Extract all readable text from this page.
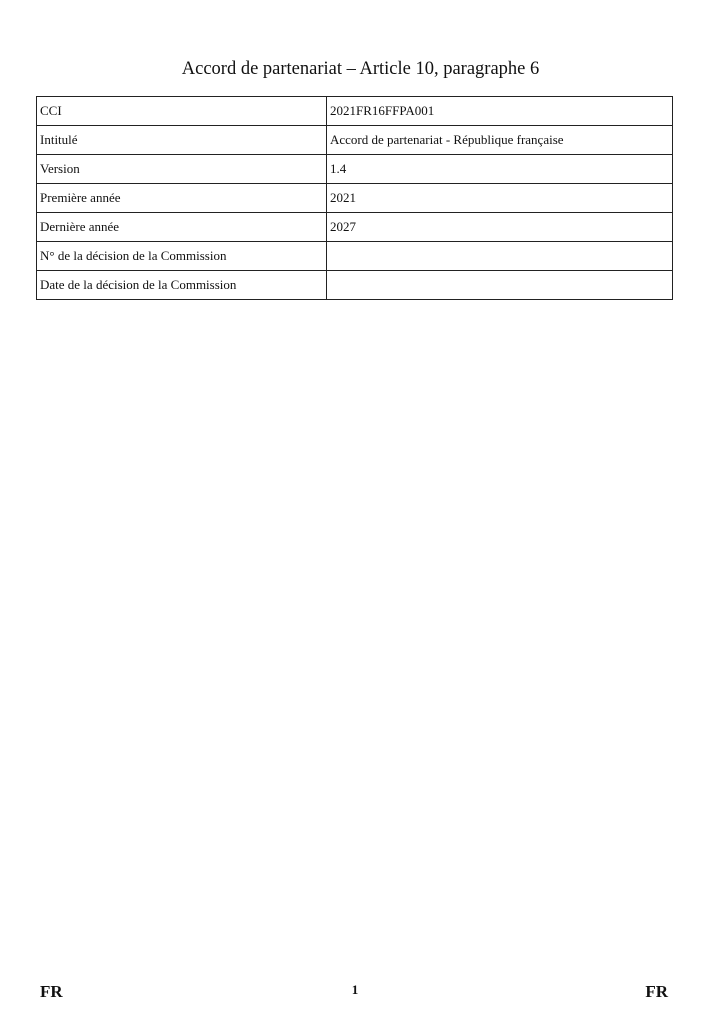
Accord de partenariat – Article 10, paragraphe 6
CCI	2021FR16FFPA001
Intitulé	Accord de partenariat - République française
Version	1.4
Première année	2021
Dernière année	2027
N° de la décision de la Commission	
Date de la décision de la Commission	
FR	1	FR
